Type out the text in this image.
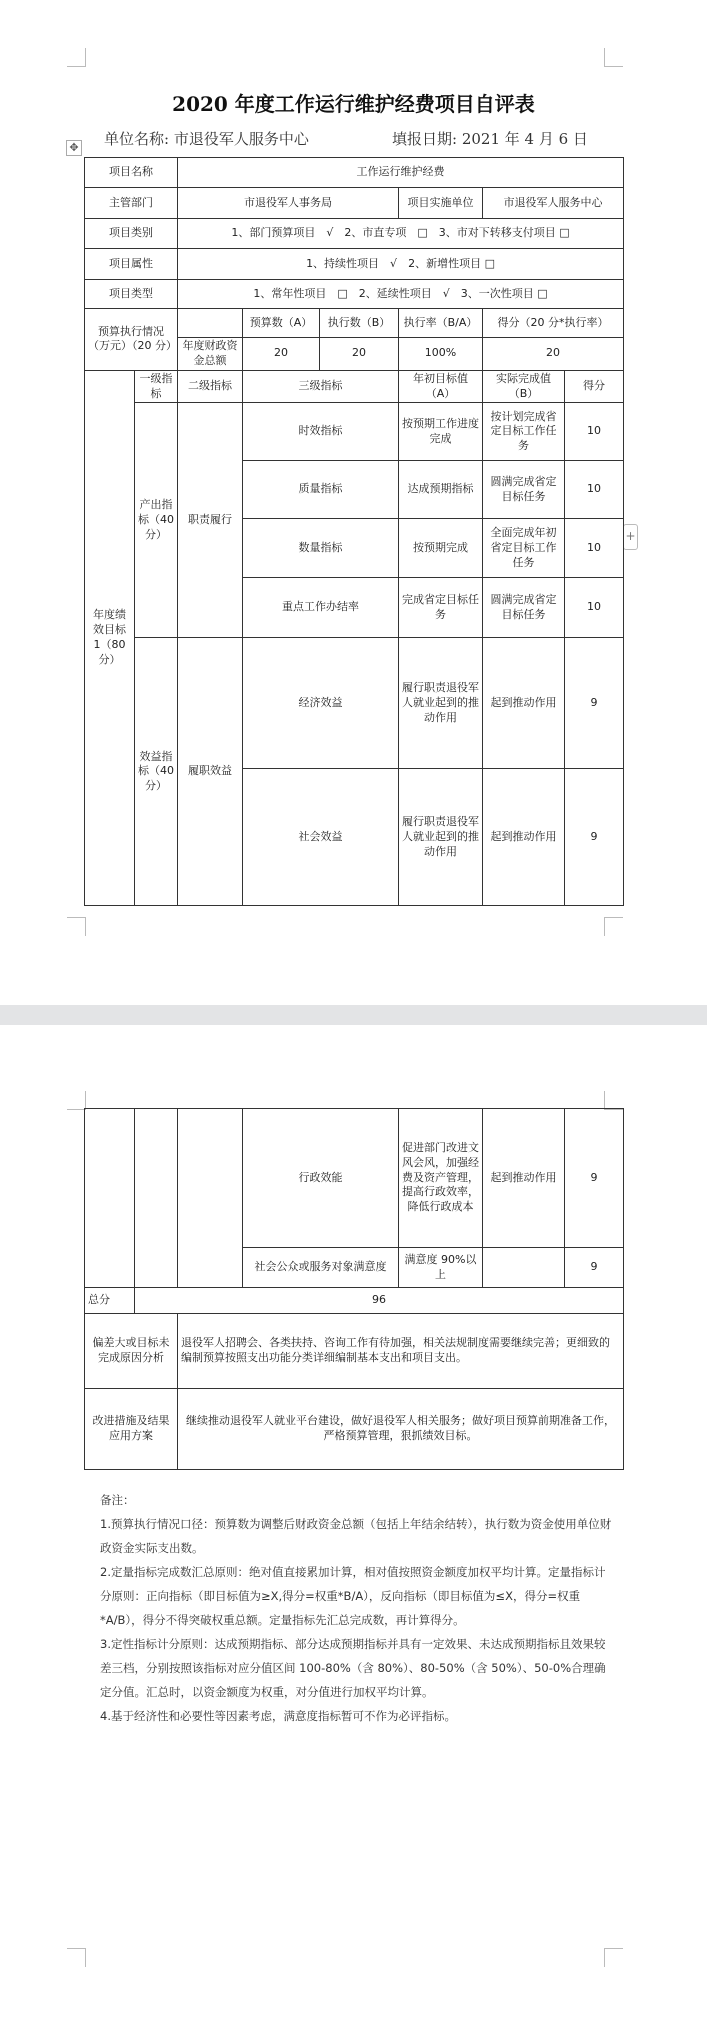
2020 年度工作运行维护经费项目自评表
单位名称: 市退役军人服务中心	填报日期: 2021 年 4 月 6 日
✥
+
项目名称		工作运行维护经费					
主管部门		市退役军人事务局			项目实施单位	市退役军人服务中心	
项目类别		1、部门预算项目　√　2、市直专项　□　3、市对下转移支付项目 □					
项目属性		1、持续性项目　√　2、新增性项目 □					
项目类型		1、常年性项目　□　2、延续性项目　√　3、一次性项目 □					
预算执行情况（万元）（20 分）			预算数（A）	执行数（B）	执行率（B/A）	得分（20 分*执行率）	
		年度财政资金总额	20	20	100%	20	
年度绩效目标 1（80 分）	一级指标	二级指标	三级指标		年初目标值（A）	实际完成值（B）	得分
	产出指标（40 分）	职责履行	时效指标		按预期工作进度完成	按计划完成省定目标工作任务	10
			质量指标		达成预期指标	圆满完成省定目标任务	10
			数量指标		按预期完成	全面完成年初省定目标工作任务	10
			重点工作办结率		完成省定目标任务	圆满完成省定目标任务	10
	效益指标（40 分）	履职效益	经济效益		履行职责退役军人就业起到的推动作用	起到推动作用	9
			社会效益		履行职责退役军人就业起到的推动作用	起到推动作用	9
			行政效能	促进部门改进文风会风，加强经费及资产管理，提高行政效率，降低行政成本	起到推动作用	9
			社会公众或服务对象满意度	满意度 90%以上		9
总分	96					
偏差大或目标未完成原因分析		退役军人招聘会、各类扶持、咨询工作有待加强，相关法规制度需要继续完善；更细致的编制预算按照支出功能分类详细编制基本支出和项目支出。				
改进措施及结果应用方案		继续推动退役军人就业平台建设，做好退役军人相关服务；做好项目预算前期准备工作，严格预算管理，狠抓绩效目标。				

备注：

1.预算执行情况口径：预算数为调整后财政资金总额（包括上年结余结转），执行数为资金使用单位财政资金实际支出数。

2.定量指标完成数汇总原则：绝对值直接累加计算，相对值按照资金额度加权平均计算。定量指标计分原则：正向指标（即目标值为≥X,得分=权重*B/A），反向指标（即目标值为≤X，得分=权重*A/B），得分不得突破权重总额。定量指标先汇总完成数，再计算得分。

3.定性指标计分原则：达成预期指标、部分达成预期指标并具有一定效果、未达成预期指标且效果较差三档，分别按照该指标对应分值区间 100-80%（含 80%）、80-50%（含 50%）、50-0%合理确定分值。汇总时，以资金额度为权重，对分值进行加权平均计算。

4.基于经济性和必要性等因素考虑，满意度指标暂可不作为必评指标。
